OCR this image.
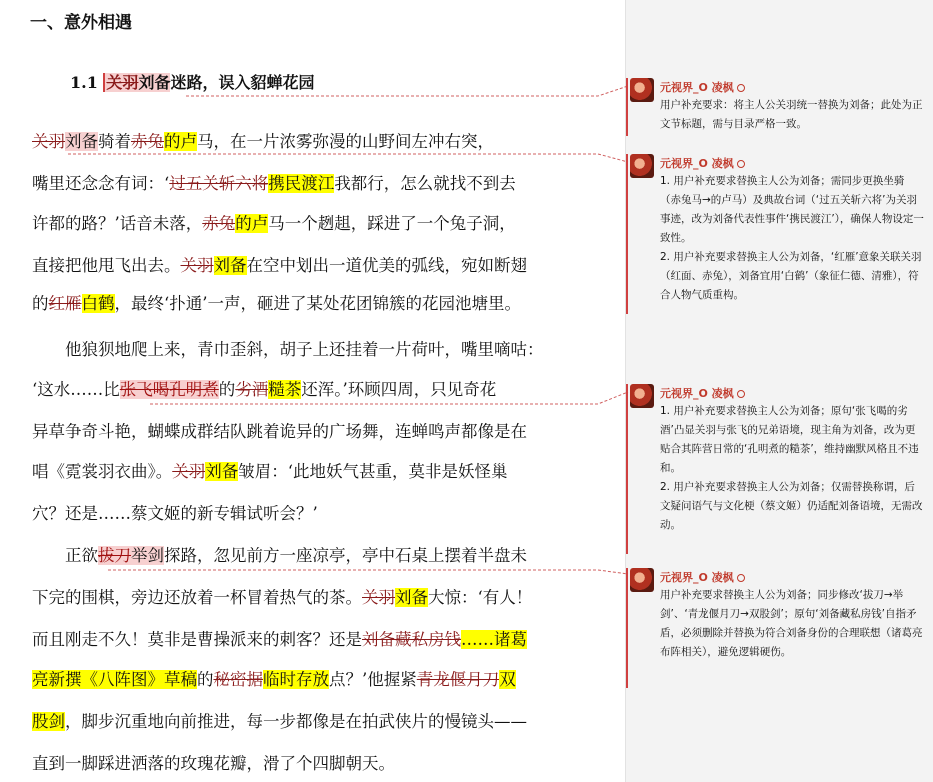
一、意外相遇
1.1 关羽刘备迷路，误入貂蝉花园
关羽刘备骑着赤兔的卢马，在一片浓雾弥漫的山野间左冲右突，
嘴里还念念有词：‘过五关斩六将携民渡江我都行，怎么就找不到去
许都的路？’话音未落，赤兔的卢马一个趔趄，踩进了一个兔子洞，
直接把他甩飞出去。关羽刘备在空中划出一道优美的弧线，宛如断翅
的红雁白鹤，最终‘扑通’一声，砸进了某处花团锦簇的花园池塘里。
　　他狼狈地爬上来，青巾歪斜，胡子上还挂着一片荷叶，嘴里嘀咕：
‘这水……比张飞喝孔明煮的劣酒糙茶还浑。’环顾四周，只见奇花
异草争奇斗艳，蝴蝶成群结队跳着诡异的广场舞，连蝉鸣声都像是在
唱《霓裳羽衣曲》。关羽刘备皱眉：‘此地妖气甚重，莫非是妖怪巢
穴？还是……蔡文姬的新专辑试听会？’
　　正欲拔刀举剑探路，忽见前方一座凉亭，亭中石桌上摆着半盘未
下完的围棋，旁边还放着一杯冒着热气的茶。关羽刘备大惊：‘有人！
而且刚走不久！莫非是曹操派来的刺客？还是刘备藏私房钱……诸葛
亮新撰《八阵图》草稿的秘密据临时存放点？’他握紧青龙偃月刀双
股剑，脚步沉重地向前推进，每一步都像是在拍武侠片的慢镜头——
直到一脚踩进洒落的玫瑰花瓣，滑了个四脚朝天。
元视界_O 凌枫
用户补充要求：将主人公关羽统一替换为刘备；此处为正文节标题，需与目录严格一致。
元视界_O 凌枫
1. 用户补充要求替换主人公为刘备；需同步更换坐骑（赤兔马→的卢马）及典故台词（‘过五关斩六将’为关羽事迹，改为刘备代表性事件‘携民渡江’），确保人物设定一致性。
2. 用户补充要求替换主人公为刘备，‘红雁’意象关联关羽（红面、赤兔），刘备宜用‘白鹤’（象征仁德、清雅），符合人物气质重构。
元视界_O 凌枫
1. 用户补充要求替换主人公为刘备；原句‘张飞喝的劣酒’凸显关羽与张飞的兄弟语境，现主角为刘备，改为更贴合其阵营日常的‘孔明煮的糙茶’，维持幽默风格且不违和。
2. 用户补充要求替换主人公为刘备；仅需替换称谓，后文疑问语气与文化梗（蔡文姬）仍适配刘备语境，无需改动。
元视界_O 凌枫
用户补充要求替换主人公为刘备；同步修改‘拔刀→举剑’、‘青龙偃月刀→双股剑’；原句‘刘备藏私房钱’自指矛盾，必须删除并替换为符合刘备身份的合理联想（诸葛亮布阵相关），避免逻辑硬伤。
